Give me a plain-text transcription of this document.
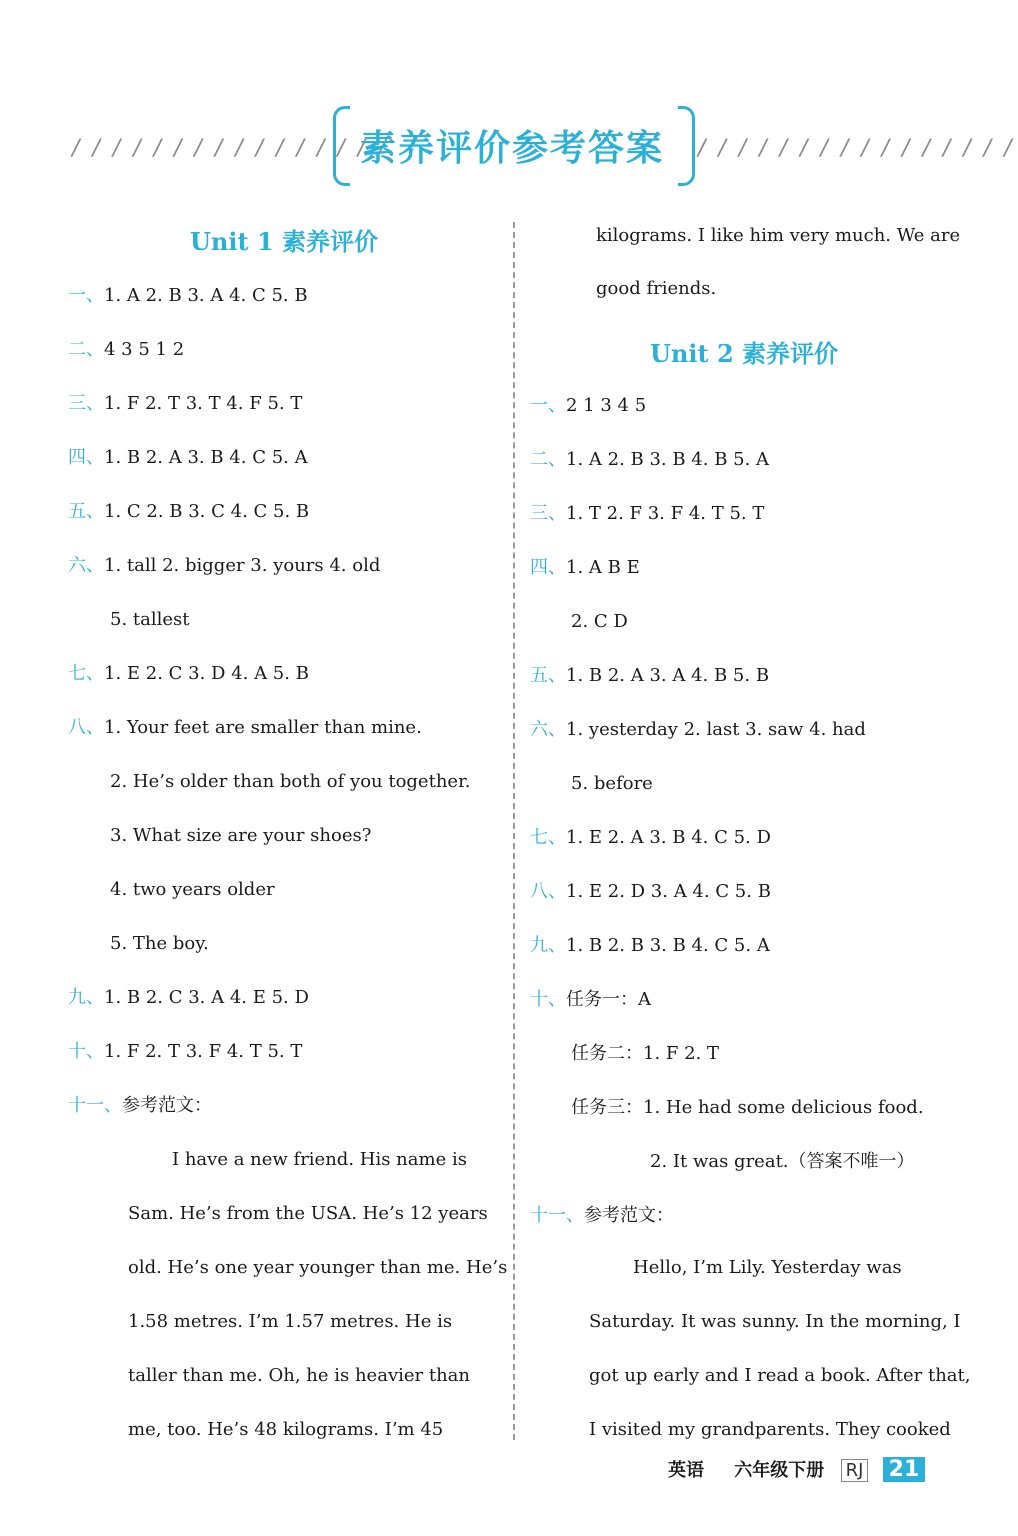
/ / / / / / / / / / / / / / / /
素养评价参考答案 / / / / / / / / / / / / / / / /
Unit 1 素养评价
一、1. A 2. B 3. A 4. C 5. B
二、4 3 5 1 2
三、1. F 2. T 3. T 4. F 5. T
四、1. B 2. A 3. B 4. C 5. A
五、1. C 2. B 3. C 4. C 5. B
六、1. tall 2. bigger 3. yours 4. old
5. tallest
七、1. E 2. C 3. D 4. A 5. B
八、1. Your feet are smaller than mine.
2. He’s older than both of you together.
3. What size are your shoes?
4. two years older
5. The boy.
九、1. B 2. C 3. A 4. E 5. D
十、1. F 2. T 3. F 4. T 5. T
十一、参考范文：
I have a new friend. His name is
Sam. He’s from the USA. He’s 12 years
old. He’s one year younger than me. He’s
1.58 metres. I’m 1.57 metres. He is
taller than me. Oh, he is heavier than
me, too. He’s 48 kilograms. I’m 45
kilograms. I like him very much. We are
good friends.
Unit 2 素养评价
一、2 1 3 4 5
二、1. A 2. B 3. B 4. B 5. A
三、1. T 2. F 3. F 4. T 5. T
四、1. A B E
2. C D
五、1. B 2. A 3. A 4. B 5. B
六、1. yesterday 2. last 3. saw 4. had
5. before
七、1. E 2. A 3. B 4. C 5. D
八、1. E 2. D 3. A 4. C 5. B
九、1. B 2. B 3. B 4. C 5. A
十、任务一：A
任务二：1. F 2. T
任务三：1. He had some delicious food.
2. It was great.（答案不唯一）
十一、参考范文：
Hello, I’m Lily. Yesterday was
Saturday. It was sunny. In the morning, I
got up early and I read a book. After that,
I visited my grandparents. They cooked
英语 六年级下册 RJ 21
